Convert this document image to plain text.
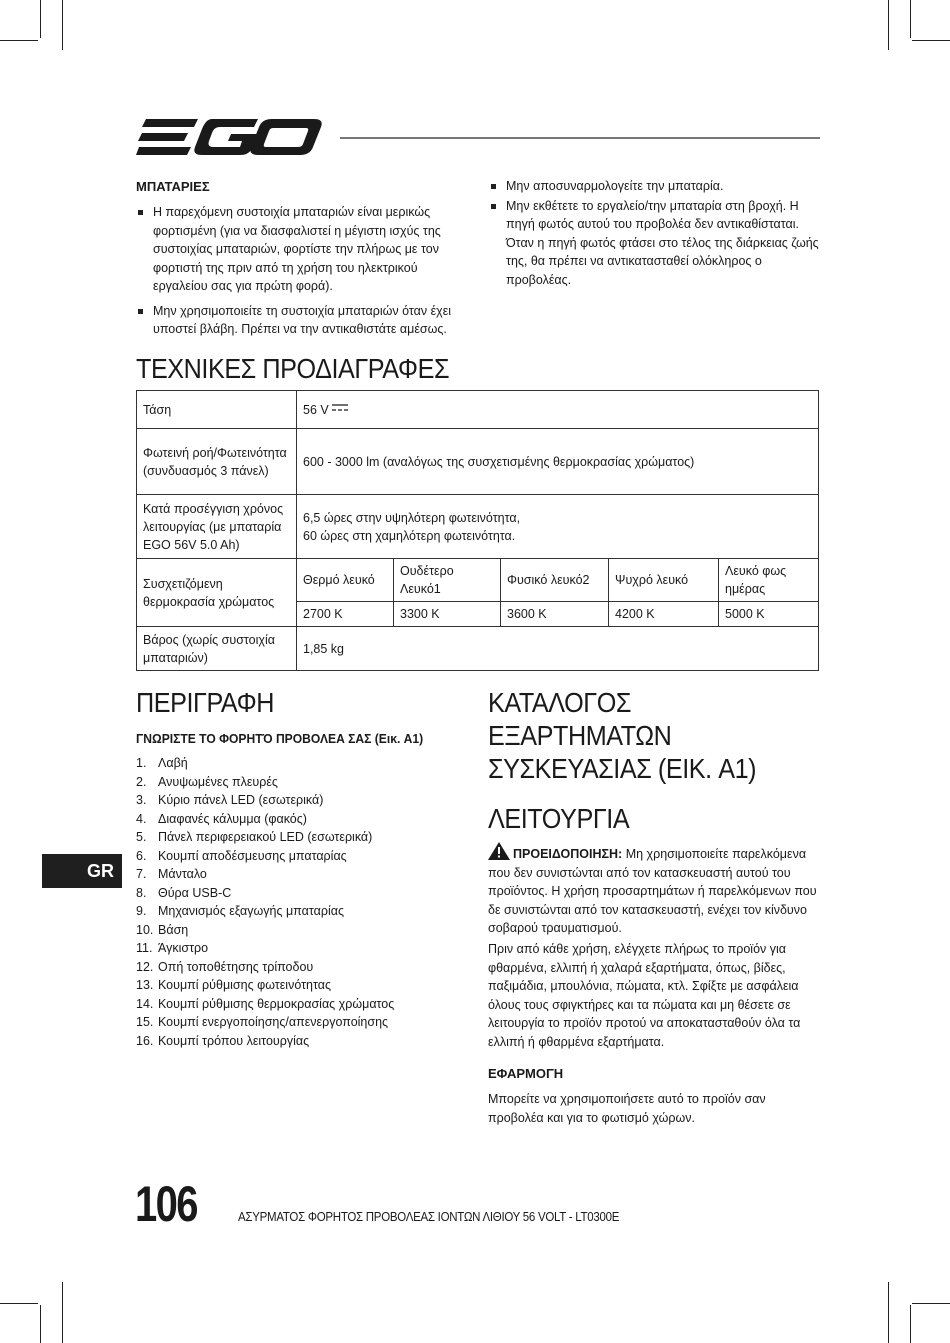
ΜΠΑΤΑΡΙΕΣ
Η παρεχόμενη συστοιχία μπαταριών είναι μερικώς φορτισμένη (για να διασφαλιστεί η μέγιστη ισχύς της συστοιχίας μπαταριών, φορτίστε την πλήρως με τον φορτιστή της πριν από τη χρήση του ηλεκτρικού εργαλείου σας για πρώτη φορά).
Μην χρησιμοποιείτε τη συστοιχία μπαταριών όταν έχει υποστεί βλάβη. Πρέπει να την αντικαθιστάτε αμέσως.
Μην αποσυναρμολογείτε την μπαταρία.
Μην εκθέτετε το εργαλείο/την μπαταρία στη βροχή. Η πηγή φωτός αυτού του προβολέα δεν αντικαθίσταται. Όταν η πηγή φωτός φτάσει στο τέλος της διάρκειας ζωής της, θα πρέπει να αντικατασταθεί ολόκληρος ο προβολέας.
ΤΕΧΝΙΚΕΣ ΠΡΟΔΙΑΓΡΑΦΕΣ
Τάση	56 V				
Φωτεινή ροή/Φωτεινότητα (συνδυασμός 3 πάνελ)	600 - 3000 lm (αναλόγως της συσχετισμένης θερμοκρασίας χρώματος)				
Κατά προσέγγιση χρόνος λειτουργίας (με μπαταρία EGO 56V 5.0 Ah)	6,5 ώρες στην υψηλότερη φωτεινότητα,
60 ώρες στη χαμηλότερη φωτεινότητα.				

Συσχετιζόμενη θερμοκρασία χρώματος	Θερμό λευκό	Ουδέτερο Λευκό1	Φυσικό λευκό2	Ψυχρό λευκό	Λευκό φως ημέρας
	2700 K	3300 K	3600 K	4200 K	5000 K
Βάρος (χωρίς συστοιχία μπαταριών)	1,85 kg				
ΠΕΡΙΓΡΑΦΗ
ΓΝΩΡΙΣΤΕ ΤΟ ΦΟΡΗΤΌ ΠΡΟΒΟΛΕΑ ΣΑΣ (Εικ. A1)
1. Λαβή
2. Ανυψωμένες πλευρές
3. Κύριο πάνελ LED (εσωτερικά)
4. Διαφανές κάλυμμα (φακός)
5. Πάνελ περιφερειακού LED (εσωτερικά)
6. Κουμπί αποδέσμευσης μπαταρίας
7. Μάνταλο
8. Θύρα USB-C
9. Μηχανισμός εξαγωγής μπαταρίας
10. Βάση
11. Άγκιστρο
12. Οπή τοποθέτησης τρίποδου
13. Κουμπί ρύθμισης φωτεινότητας
14. Κουμπί ρύθμισης θερμοκρασίας χρώματος
15. Κουμπί ενεργοποίησης/απενεργοποίησης
16. Κουμπί τρόπου λειτουργίας
ΚΑΤΑΛΟΓΟΣ
ΕΞΑΡΤΗΜΑΤΩΝ
ΣΥΣΚΕΥΑΣΙΑΣ (ΕΙΚ. A1)
ΛΕΙΤΟΥΡΓΙΑ

ΠΡΟΕΙΔΟΠΟΙΗΣΗ: Μη χρησιμοποιείτε παρελκόμενα που δεν συνιστώνται από τον κατασκευαστή αυτού του προϊόντος. Η χρήση προσαρτημάτων ή παρελκόμενων που δε συνιστώνται από τον κατασκευαστή, ενέχει τον κίνδυνο σοβαρού τραυματισμού.

Πριν από κάθε χρήση, ελέγχετε πλήρως το προϊόν για φθαρμένα, ελλιπή ή χαλαρά εξαρτήματα, όπως, βίδες, παξιμάδια, μπουλόνια, πώματα, κτλ. Σφίξτε με ασφάλεια όλους τους σφιγκτήρες και τα πώματα και μη θέσετε σε λειτουργία το προϊόν προτού να αποκατασταθούν όλα τα ελλιπή ή φθαρμένα εξαρτήματα.

ΕΦΑΡΜΟΓΗ

Μπορείτε να χρησιμοποιήσετε αυτό το προϊόν σαν προβολέα και για το φωτισμό χώρων.

GR
106	ΑΣΥΡΜΑΤΟΣ ΦΟΡΗΤΟΣ ΠΡΟΒΟΛΕΑΣ ΙΟΝΤΩΝ ΛΙΘΙΟΥ 56 VOLT - LT0300E
